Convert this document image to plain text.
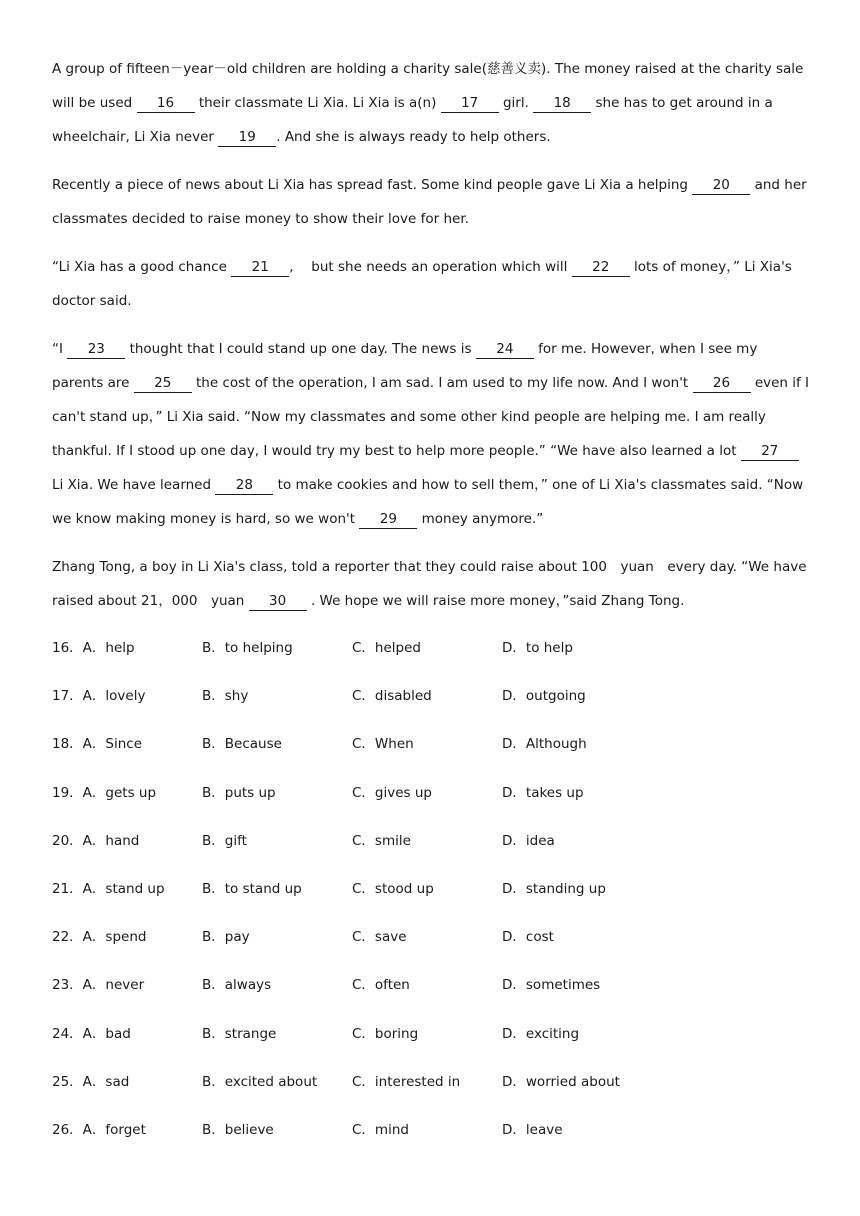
A group of fifteen－year－old children are holding a charity sale(慈善义卖). The money raised at the charity sale will be used 16 their classmate Li Xia. Li Xia is a(n) 17 girl. 18 she has to get around in a wheelchair, Li Xia never 19 . And she is always ready to help others.

Recently a piece of news about Li Xia has spread fast. Some kind people gave Li Xia a helping 20 and her classmates decided to raise money to show their love for her.

“Li Xia has a good chance 21 ,　 but she needs an operation which will 22 lots of money，” Li Xia's doctor said.

“I 23 thought that I could stand up one day. The news is 24 for me. However, when I see my parents are 25 the cost of the operation, I am sad. I am used to my life now. And I won't 26 even if I can't stand up，” Li Xia said. “Now my classmates and some other kind people are helping me. I am really thankful. If I stood up one day, I would try my best to help more people.” “We have also learned a lot 27 Li Xia. We have learned 28 to make cookies and how to sell them，” one of Li Xia's classmates said. “Now we know making money is hard, so we won't 29 money anymore.”

Zhang Tong, a boy in Li Xia's class, told a reporter that they could raise about 100　yuan　every day. “We have raised about 21，000　yuan 30 . We hope we will raise more money，”said Zhang Tong.

16．A．help	B．to helping	C．helped	D．to help
17．A．lovely	B．shy	C．disabled	D．outgoing
18．A．Since	B．Because	C．When	D．Although
19．A．gets up	B．puts up	C．gives up	D．takes up
20．A．hand	B．gift	C．smile	D．idea
21．A．stand up	B．to stand up	C．stood up	D．standing up
22．A．spend	B．pay	C．save	D．cost
23．A．never	B．always	C．often	D．sometimes
24．A．bad	B．strange	C．boring	D．exciting
25．A．sad	B．excited about	C．interested in	D．worried about
26．A．forget	B．believe	C．mind	D．leave
